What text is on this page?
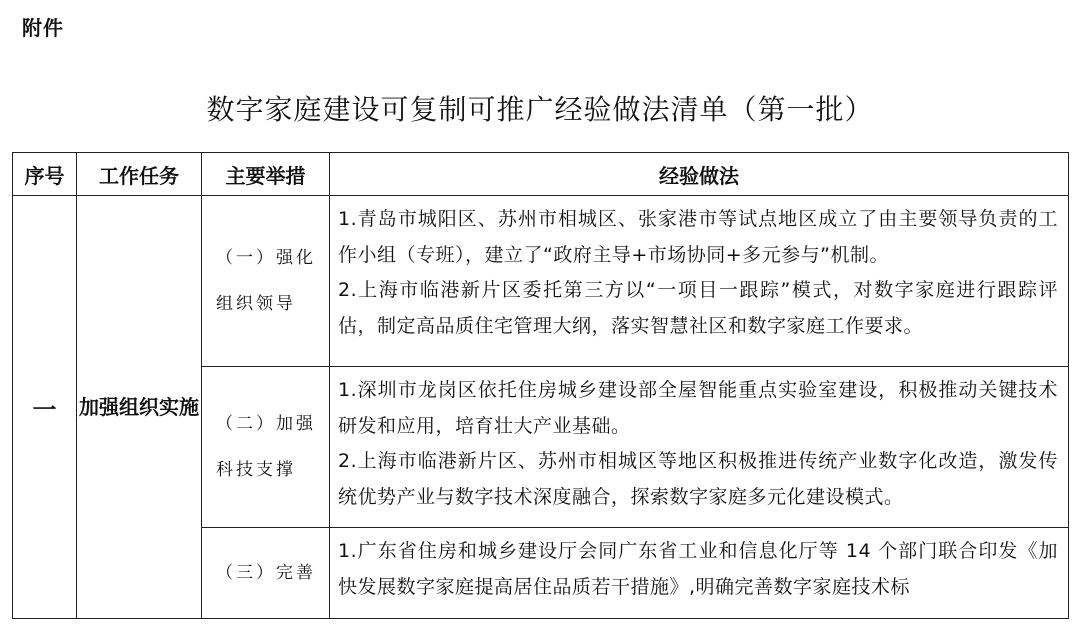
附件
数字家庭建设可复制可推广经验做法清单（第一批）
序号	工作任务	主要举措	经验做法
一	加强组织实施	（一）强化组织领导	1.青岛市城阳区、苏州市相城区、张家港市等试点地区成立了由主要领导负责的工作小组（专班），建立了“政府主导+市场协同+多元参与”机制。
2.上海市临港新片区委托第三方以“一项目一跟踪”模式，对数字家庭进行跟踪评估，制定高品质住宅管理大纲，落实智慧社区和数字家庭工作要求。

		（二）加强科技支撑	1.深圳市龙岗区依托住房城乡建设部全屋智能重点实验室建设，积极推动关键技术研发和应用，培育壮大产业基础。
2.上海市临港新片区、苏州市相城区等地区积极推进传统产业数字化改造，激发传统优势产业与数字技术深度融合，探索数字家庭多元化建设模式。

		（三）完善	1.广东省住房和城乡建设厅会同广东省工业和信息化厅等 14 个部门联合印发《加快发展数字家庭提高居住品质若干措施》,明确完善数字家庭技术标
